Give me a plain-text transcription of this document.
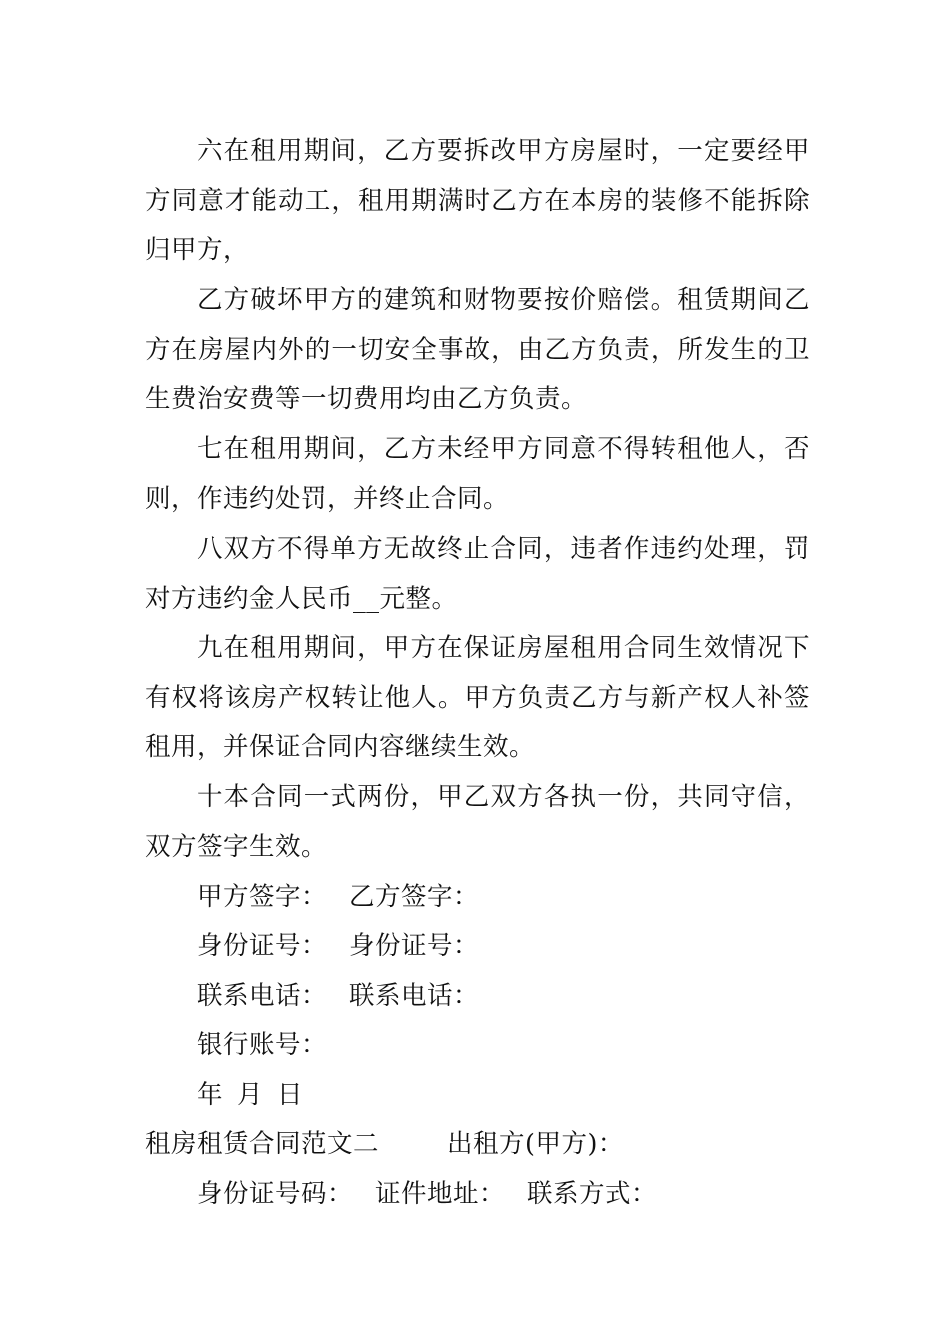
六在租用期间，乙方要拆改甲方房屋时，一定要经甲方同意才能动工，租用期满时乙方在本房的装修不能拆除归甲方，

乙方破坏甲方的建筑和财物要按价赔偿。租赁期间乙方在房屋内外的一切安全事故，由乙方负责，所发生的卫生费治安费等一切费用均由乙方负责。

七在租用期间，乙方未经甲方同意不得转租他人，否则，作违约处罚，并终止合同。

八双方不得单方无故终止合同，违者作违约处理，罚对方违约金人民币__元整。

九在租用期间，甲方在保证房屋租用合同生效情况下有权将该房产权转让他人。甲方负责乙方与新产权人补签租用，并保证合同内容继续生效。

十本合同一式两份，甲乙双方各执一份，共同守信，双方签字生效。

甲方签字： 乙方签字：
身份证号： 身份证号：
联系电话： 联系电话：
银行账号：
年 月 日
租房租赁合同范文二	出租方(甲方)：
身份证号码： 证件地址： 联系方式：
